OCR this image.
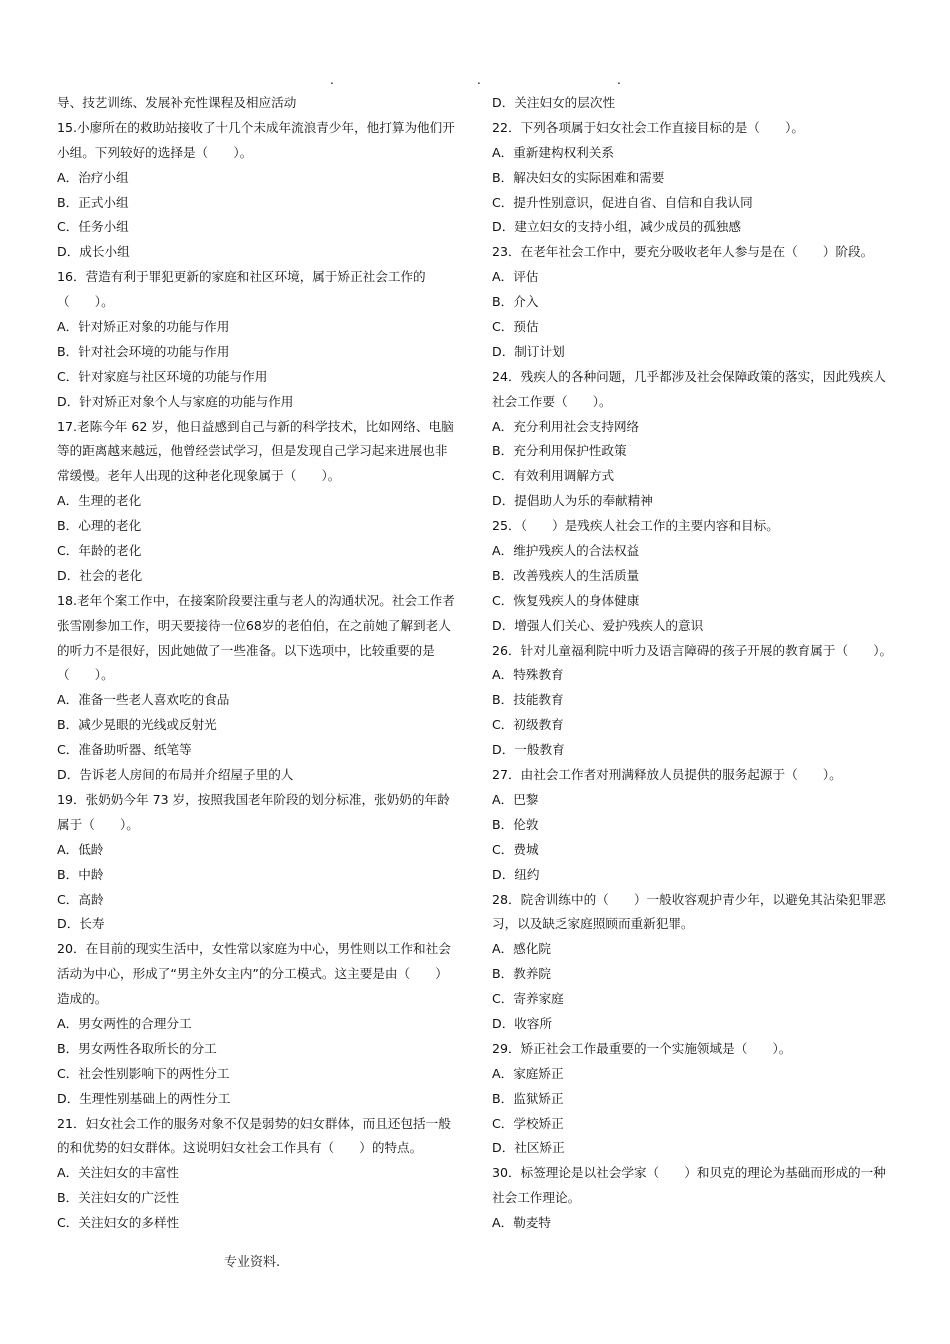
.	.	.
导、技艺训练、发展补充性课程及相应活动
15.小廖所在的救助站接收了十几个未成年流浪青少年，他打算为他们开
小组。下列较好的选择是（　　）。
A．治疗小组
B．正式小组
C．任务小组
D．成长小组
16．营造有利于罪犯更新的家庭和社区环境，属于矫正社会工作的
（　　）。
A．针对矫正对象的功能与作用
B．针对社会环境的功能与作用
C．针对家庭与社区环境的功能与作用
D．针对矫正对象个人与家庭的功能与作用
17.老陈今年 62 岁，他日益感到自己与新的科学技术，比如网络、电脑
等的距离越来越远，他曾经尝试学习，但是发现自己学习起来进展也非
常缓慢。老年人出现的这种老化现象属于（　　）。
A．生理的老化
B．心理的老化
C．年龄的老化
D．社会的老化
18.老年个案工作中，在接案阶段要注重与老人的沟通状况。社会工作者
张雪刚参加工作，明天要接待一位68岁的老伯伯，在之前她了解到老人
的听力不是很好，因此她做了一些准备。以下选项中，比较重要的是
（　　）。
A．准备一些老人喜欢吃的食品
B．减少晃眼的光线或反射光
C．准备助听器、纸笔等
D．告诉老人房间的布局并介绍屋子里的人
19．张奶奶今年 73 岁，按照我国老年阶段的划分标准，张奶奶的年龄
属于（　　）。
A．低龄
B．中龄
C．高龄
D．长寿
20．在目前的现实生活中，女性常以家庭为中心，男性则以工作和社会
活动为中心，形成了“男主外女主内”的分工模式。这主要是由（　　）
造成的。
A．男女两性的合理分工
B．男女两性各取所长的分工
C．社会性别影响下的两性分工
D．生理性别基础上的两性分工
21．妇女社会工作的服务对象不仅是弱势的妇女群体，而且还包括一般
的和优势的妇女群体。这说明妇女社会工作具有（　　）的特点。
A．关注妇女的丰富性
B．关注妇女的广泛性
C．关注妇女的多样性
D．关注妇女的层次性
22．下列各项属于妇女社会工作直接目标的是（　　）。
A．重新建构权利关系
B．解决妇女的实际困难和需要
C．提升性别意识，促进自省、自信和自我认同
D．建立妇女的支持小组，减少成员的孤独感
23．在老年社会工作中，要充分吸收老年人参与是在（　　）阶段。
A．评估
B．介入
C．预估
D．制订计划
24．残疾人的各种问题，几乎都涉及社会保障政策的落实，因此残疾人
社会工作要（　　）。
A．充分利用社会支持网络
B．充分利用保护性政策
C．有效利用调解方式
D．提倡助人为乐的奉献精神
25．（　　）是残疾人社会工作的主要内容和目标。
A．维护残疾人的合法权益
B．改善残疾人的生活质量
C．恢复残疾人的身体健康
D．增强人们关心、爱护残疾人的意识
26．针对儿童福利院中听力及语言障碍的孩子开展的教育属于（　　）。
A．特殊教育
B．技能教育
C．初级教育
D．一般教育
27．由社会工作者对刑满释放人员提供的服务起源于（　　）。
A．巴黎
B．伦敦
C．费城
D．纽约
28．院舍训练中的（　　）一般收容观护青少年，以避免其沾染犯罪恶
习，以及缺乏家庭照顾而重新犯罪。
A．感化院
B．教养院
C．寄养家庭
D．收容所
29．矫正社会工作最重要的一个实施领域是（　　）。
A．家庭矫正
B．监狱矫正
C．学校矫正
D．社区矫正
30．标签理论是以社会学家（　　）和贝克的理论为基础而形成的一种
社会工作理论。
A．勒麦特
专业资料.
